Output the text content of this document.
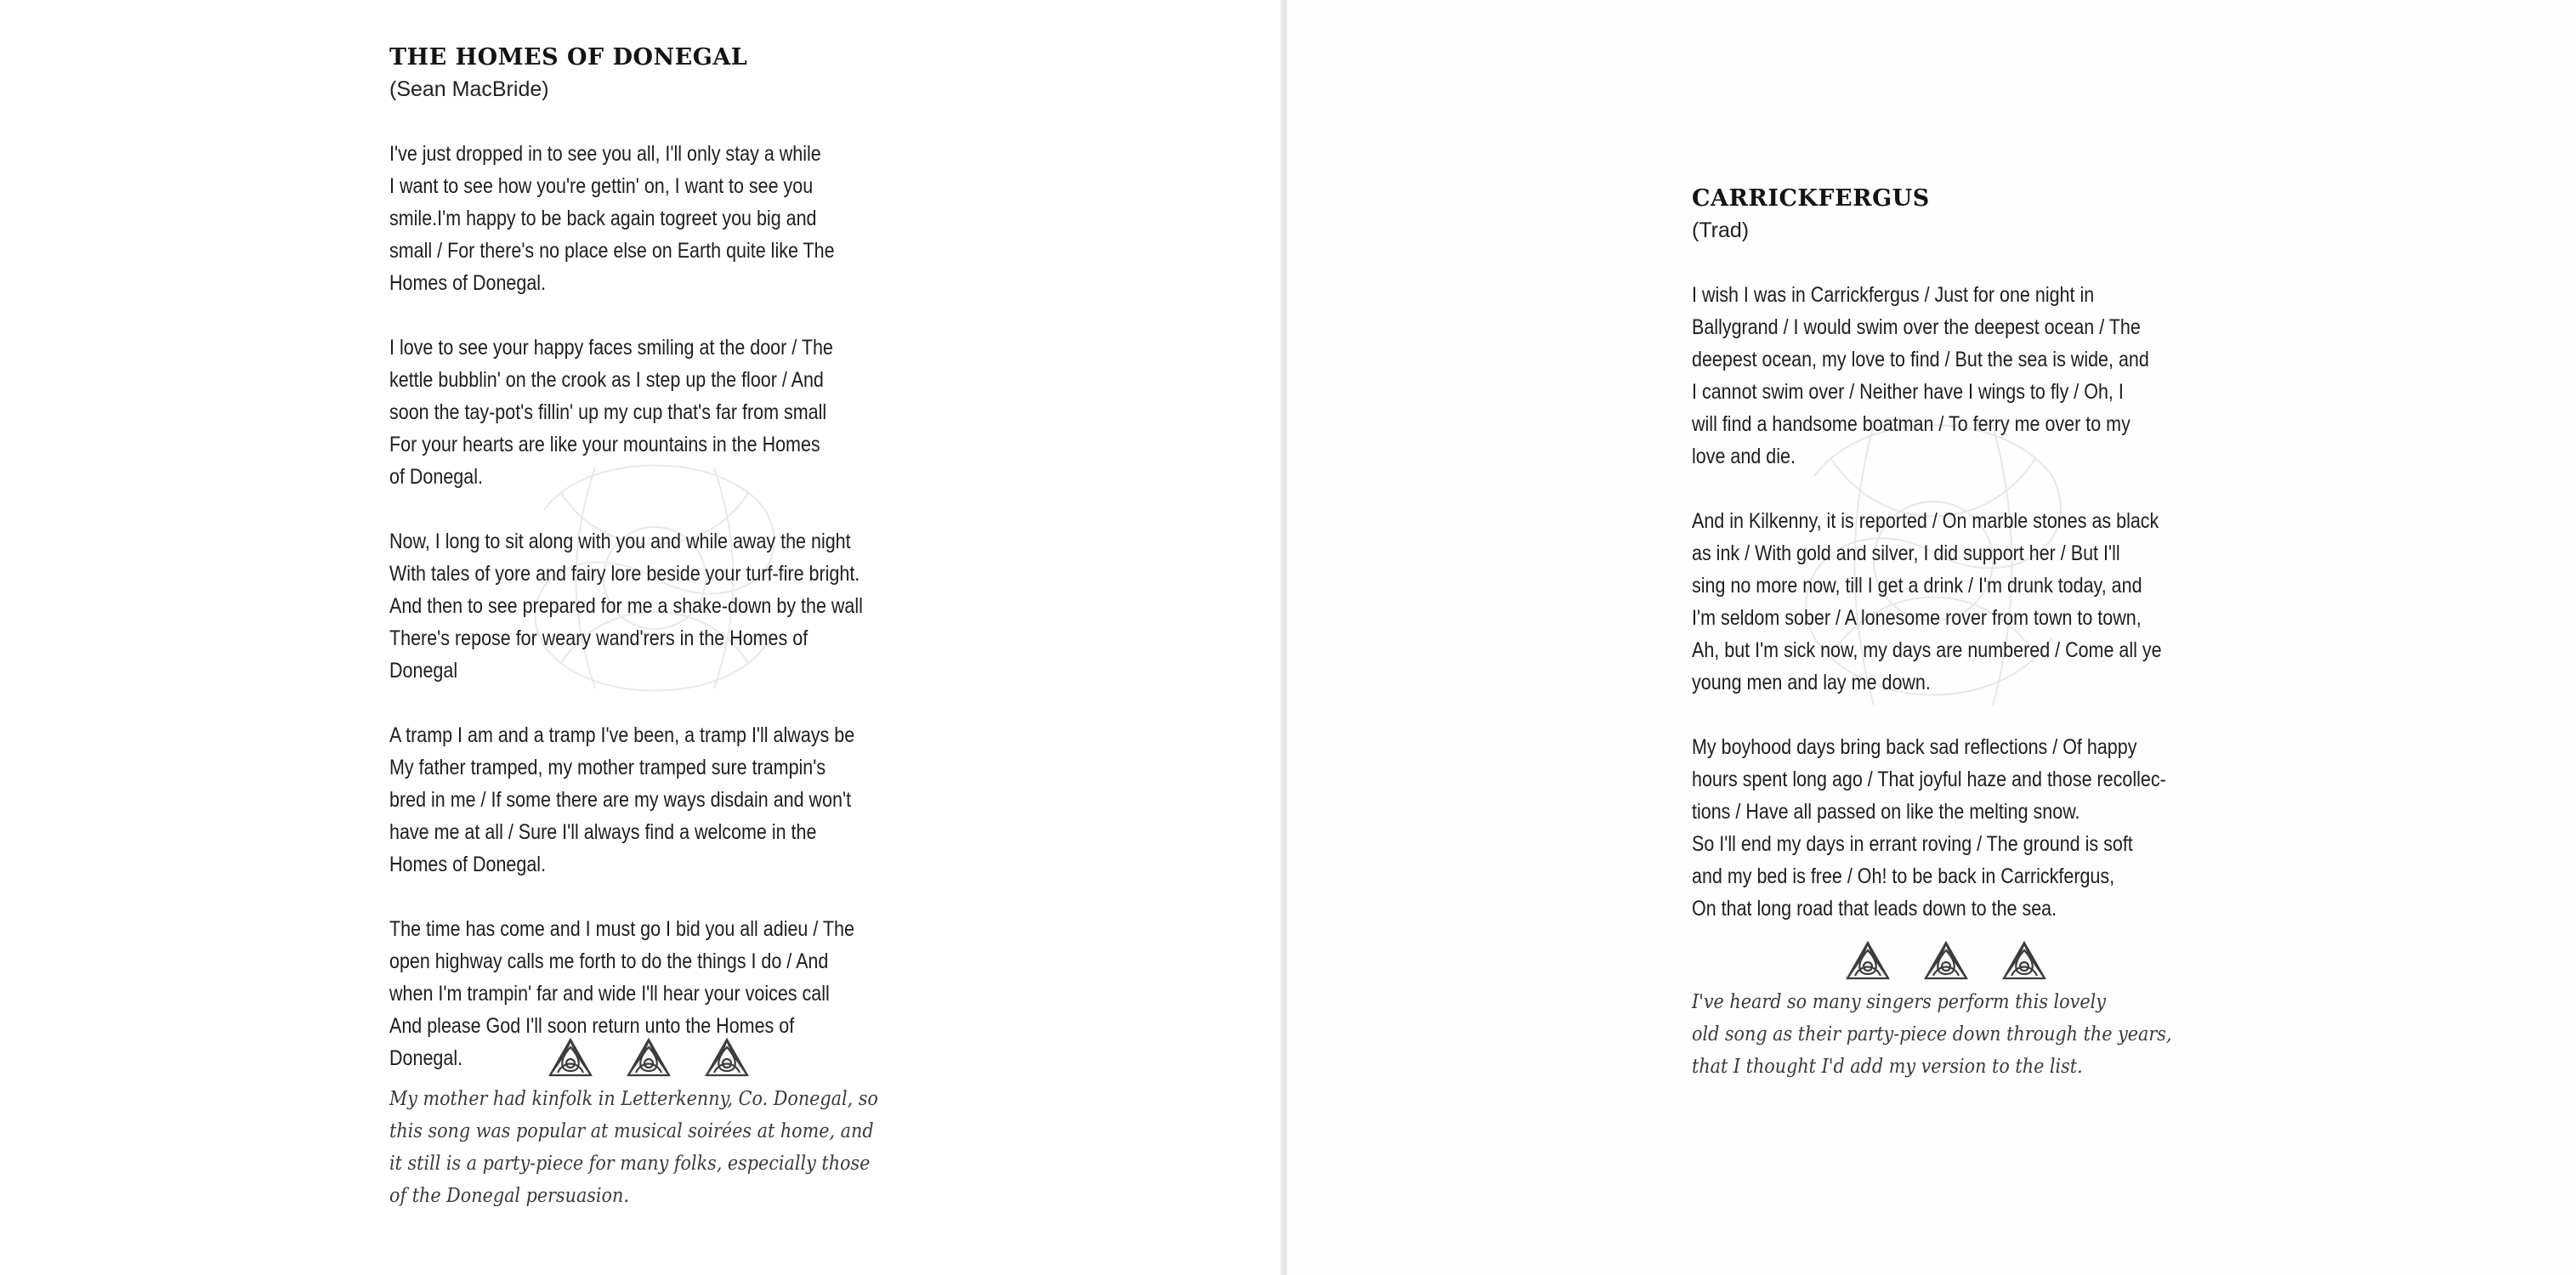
THE HOMES OF DONEGAL

(Sean MacBride)

I've just dropped in to see you all, I'll only stay a while
I want to see how you're gettin' on, I want to see you
smile.I'm happy to be back again togreet you big and
small / For there's no place else on Earth quite like The
Homes of Donegal.
I love to see your happy faces smiling at the door / The
kettle bubblin' on the crook as I step up the floor / And
soon the tay-pot's fillin' up my cup that's far from small
For your hearts are like your mountains in the Homes
of Donegal.
Now, I long to sit along with you and while away the night
With tales of yore and fairy lore beside your turf-fire bright.
And then to see prepared for me a shake-down by the wall
There's repose for weary wand'rers in the Homes of
Donegal
A tramp I am and a tramp I've been, a tramp I'll always be
My father tramped, my mother tramped sure trampin's
bred in me / If some there are my ways disdain and won't
have me at all / Sure I'll always find a welcome in the
Homes of Donegal.
The time has come and I must go I bid you all adieu / The
open highway calls me forth to do the things I do / And
when I'm trampin' far and wide I'll hear your voices call
And please God I'll soon return unto the Homes of
Donegal.
My mother had kinfolk in Letterkenny, Co. Donegal, so
this song was popular at musical soirées at home, and
it still is a party-piece for many folks, especially those
of the Donegal persuasion.
CARRICKFERGUS

(Trad)

I wish I was in Carrickfergus / Just for one night in
Ballygrand / I would swim over the deepest ocean / The
deepest ocean, my love to find / But the sea is wide, and
I cannot swim over / Neither have I wings to fly / Oh, I
will find a handsome boatman / To ferry me over to my
love and die.
And in Kilkenny, it is reported / On marble stones as black
as ink / With gold and silver, I did support her / But I'll
sing no more now, till I get a drink / I'm drunk today, and
I'm seldom sober / A lonesome rover from town to town,
Ah, but I'm sick now, my days are numbered / Come all ye
young men and lay me down.
My boyhood days bring back sad reflections / Of happy
hours spent long ago / That joyful haze and those recollec-
tions / Have all passed on like the melting snow.
So I'll end my days in errant roving / The ground is soft
and my bed is free / Oh! to be back in Carrickfergus,
On that long road that leads down to the sea.
I've heard so many singers perform this lovely
old song as their party-piece down through the years,
that I thought I'd add my version to the list.
